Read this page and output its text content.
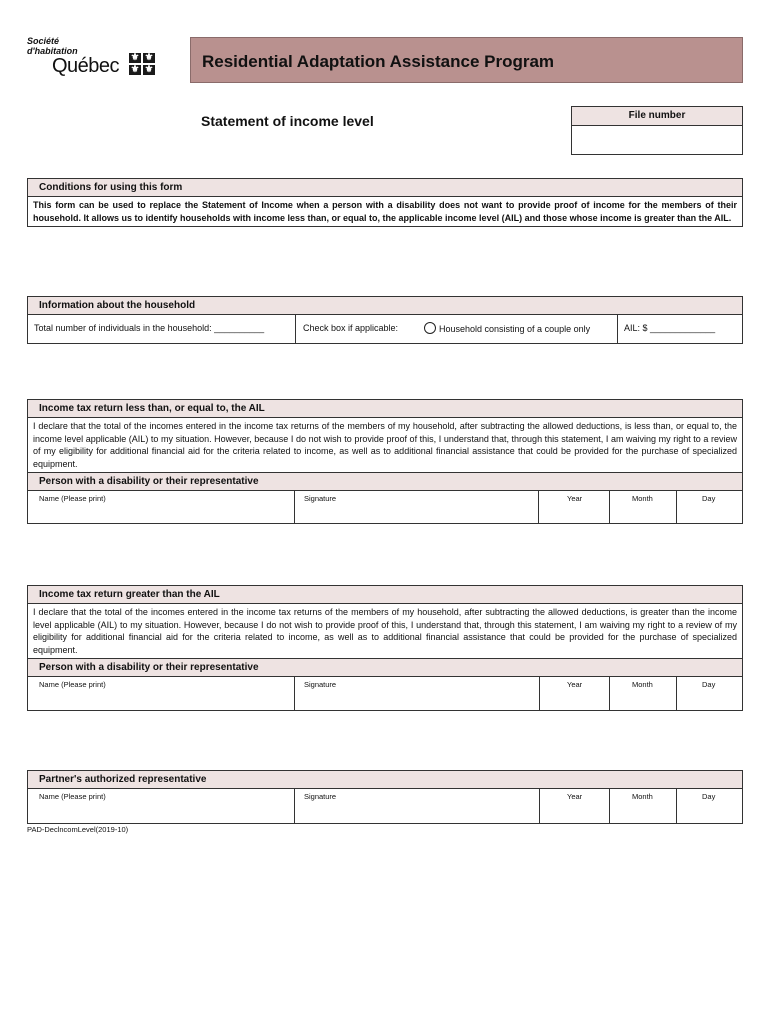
Société
d'habitation
Québec ⚜ ⚜
⚜ ⚜	Residential Adaptation Assistance Program
Statement of income level	File number
Conditions for using this form
This form can be used to replace the Statement of Income when a person with a disability does not want to provide proof of income for the members of their household. It allows us to identify households with income less than, or equal to, the applicable income level (AIL) and those whose income is greater than the AIL.
Information about the household
Total number of individuals in the household: __________	Check box if applicable:	Household consisting of a couple only	AIL: $ _____________
Income tax return less than, or equal to, the AIL
I declare that the total of the incomes entered in the income tax returns of the members of my household, after subtracting the allowed deductions, is less than, or equal to, the income level applicable (AIL) to my situation. However, because I do not wish to provide proof of this, I understand that, through this statement, I am waiving my right to a review of my eligibility for additional financial aid for the criteria related to income, as well as to additional financial assistance that could be provided for the purchase of specialized equipment.
Person with a disability or their representative
Name (Please print)	Signature	Year	Month	Day
Income tax return greater than the AIL
I declare that the total of the incomes entered in the income tax returns of the members of my household, after subtracting the allowed deductions, is greater than the income level applicable (AIL) to my situation. However, because I do not wish to provide proof of this, I understand that, through this statement, I am waiving my right to a review of my eligibility for additional financial aid for the criteria related to income, as well as to additional financial assistance that could be provided for the purchase of specialized equipment.
Person with a disability or their representative
Name (Please print)	Signature	Year	Month	Day
Partner's authorized representative
Name (Please print)	Signature	Year	Month	Day
PAD-DeclncomLevel(2019-10)
